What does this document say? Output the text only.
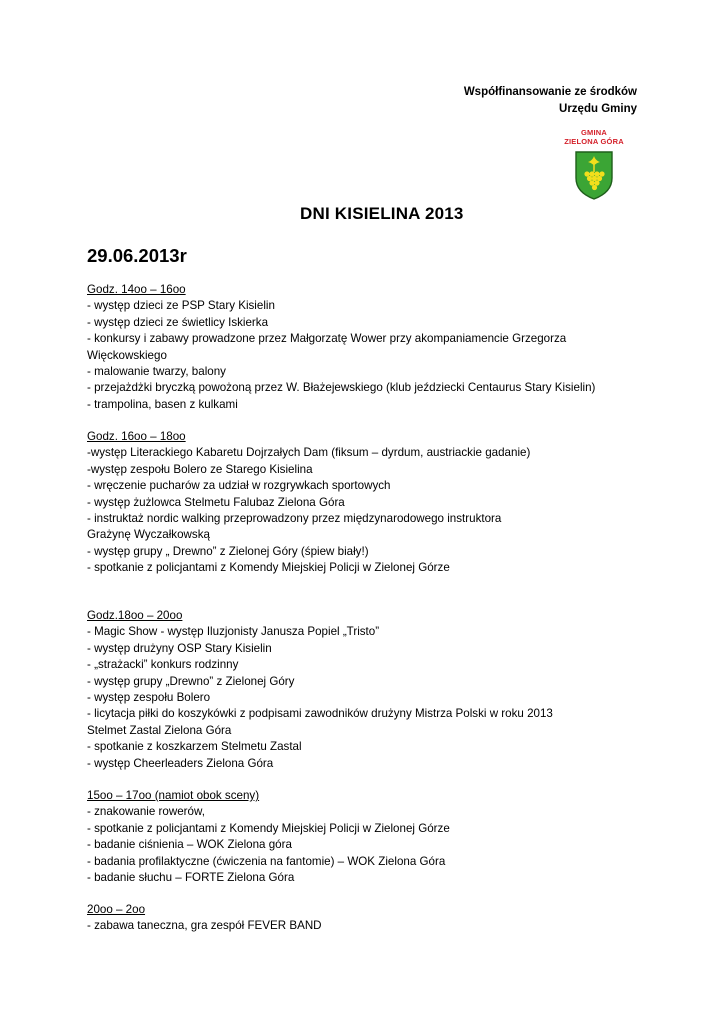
Współfinansowanie ze środków
Urzędu Gminy
GMINA
ZIELONA GÓRA
DNI KISIELINA 2013
29.06.2013r
Godz. 14oo – 16oo
- występ dzieci ze PSP Stary Kisielin
- występ dzieci ze świetlicy Iskierka
- konkursy i zabawy prowadzone przez Małgorzatę Wower przy akompaniamencie Grzegorza
Więckowskiego
- malowanie twarzy, balony
- przejażdżki bryczką powożoną przez W. Błażejewskiego (klub jeździecki Centaurus Stary Kisielin)
- trampolina, basen z kulkami
Godz. 16oo – 18oo
-występ Literackiego Kabaretu Dojrzałych Dam (fiksum – dyrdum, austriackie gadanie)
-występ zespołu Bolero ze Starego Kisielina
- wręczenie pucharów za udział w rozgrywkach sportowych
- występ żużlowca Stelmetu Falubaz Zielona Góra
- instruktaż nordic walking przeprowadzony przez międzynarodowego instruktora
Grażynę Wyczałkowską
- występ grupy „ Drewno” z Zielonej Góry (śpiew biały!)
- spotkanie z policjantami z Komendy Miejskiej Policji w Zielonej Górze
Godz.18oo – 20oo
- Magic Show - występ Iluzjonisty Janusza Popiel „Tristo”
- występ drużyny OSP Stary Kisielin
- „strażacki” konkurs rodzinny
- występ grupy „Drewno” z Zielonej Góry
- występ zespołu Bolero
- licytacja piłki do koszykówki z podpisami zawodników drużyny Mistrza Polski w roku 2013
Stelmet Zastal Zielona Góra
- spotkanie z koszkarzem Stelmetu Zastal
- występ Cheerleaders Zielona Góra
15oo – 17oo (namiot obok sceny)
- znakowanie rowerów,
- spotkanie z policjantami z Komendy Miejskiej Policji w Zielonej Górze
- badanie ciśnienia – WOK Zielona góra
- badania profilaktyczne (ćwiczenia na fantomie) – WOK Zielona Góra
- badanie słuchu – FORTE Zielona Góra
20oo – 2oo
- zabawa taneczna, gra zespół FEVER BAND
